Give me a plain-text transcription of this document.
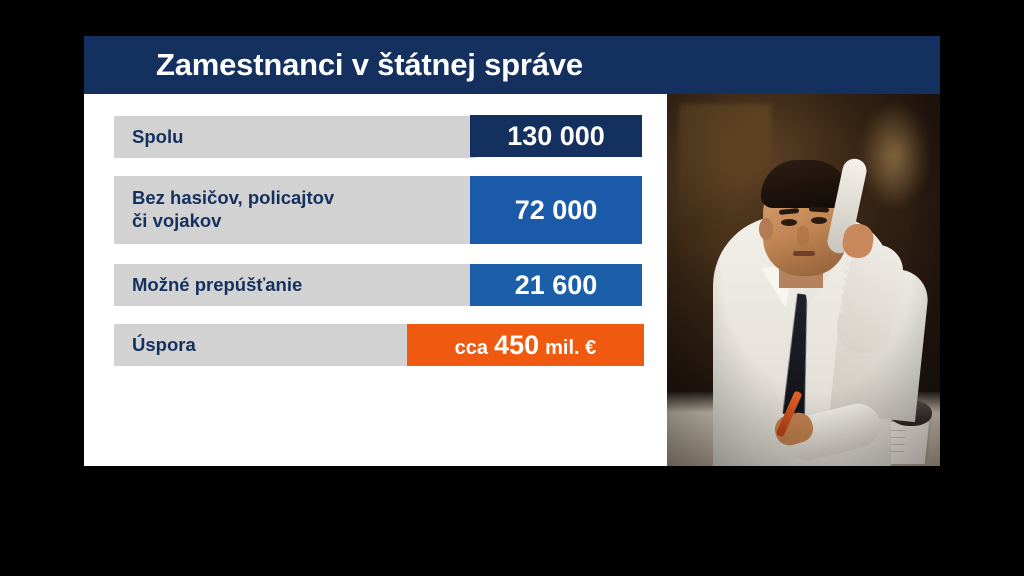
Zamestnanci v štátnej správe
Spolu	130 000
Bez hasičov, policajtov
či vojakov	72 000
Možné prepúšťanie	21 600
Úspora	cca 450 mil. €
